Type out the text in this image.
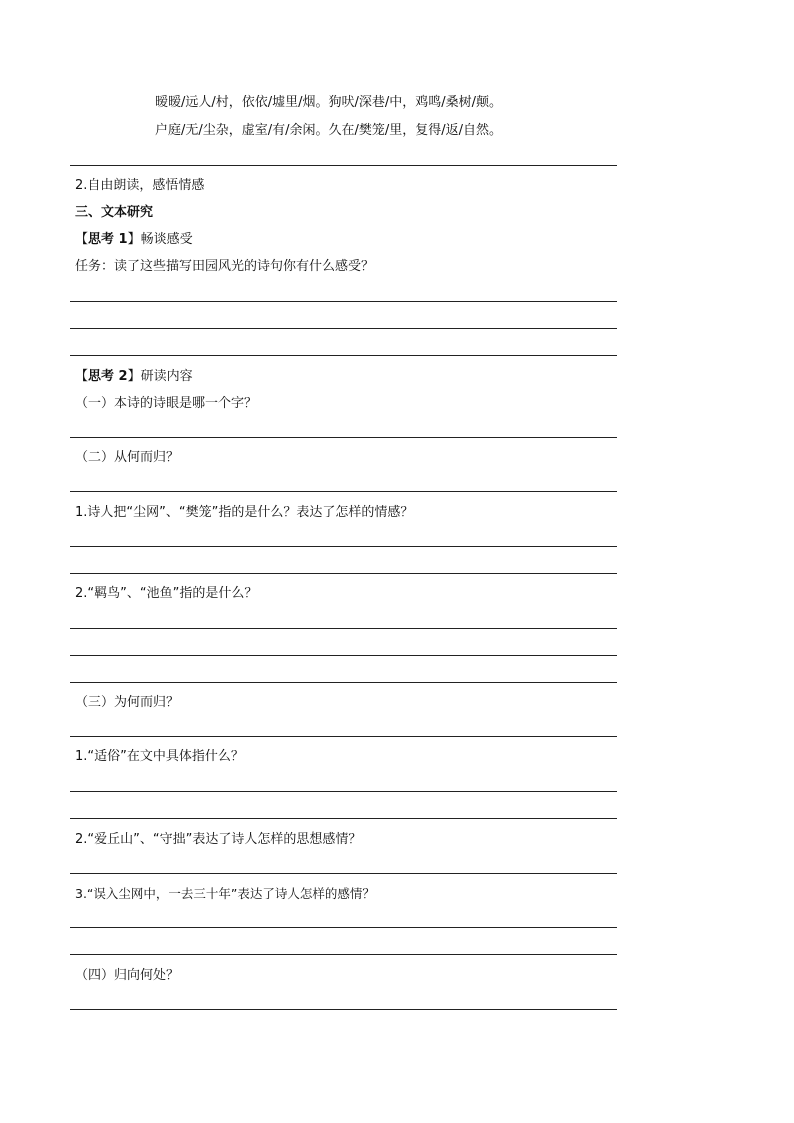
暧暧/远人/村，依依/墟里/烟。狗吠/深巷/中，鸡鸣/桑树/颠。
户庭/无/尘杂，虚室/有/余闲。久在/樊笼/里，复得/返/自然。
2.自由朗读，感悟情感
三、文本研究
【思考 1】畅谈感受
任务：读了这些描写田园风光的诗句你有什么感受？
【思考 2】研读内容
（一）本诗的诗眼是哪一个字？
（二）从何而归？
1.诗人把“尘网”、“樊笼”指的是什么？表达了怎样的情感？
2.“羁鸟”、“池鱼”指的是什么？
（三）为何而归？
1.“适俗”在文中具体指什么？
2.“爱丘山”、“守拙”表达了诗人怎样的思想感情？
3.“误入尘网中，一去三十年”表达了诗人怎样的感情？
（四）归向何处？
